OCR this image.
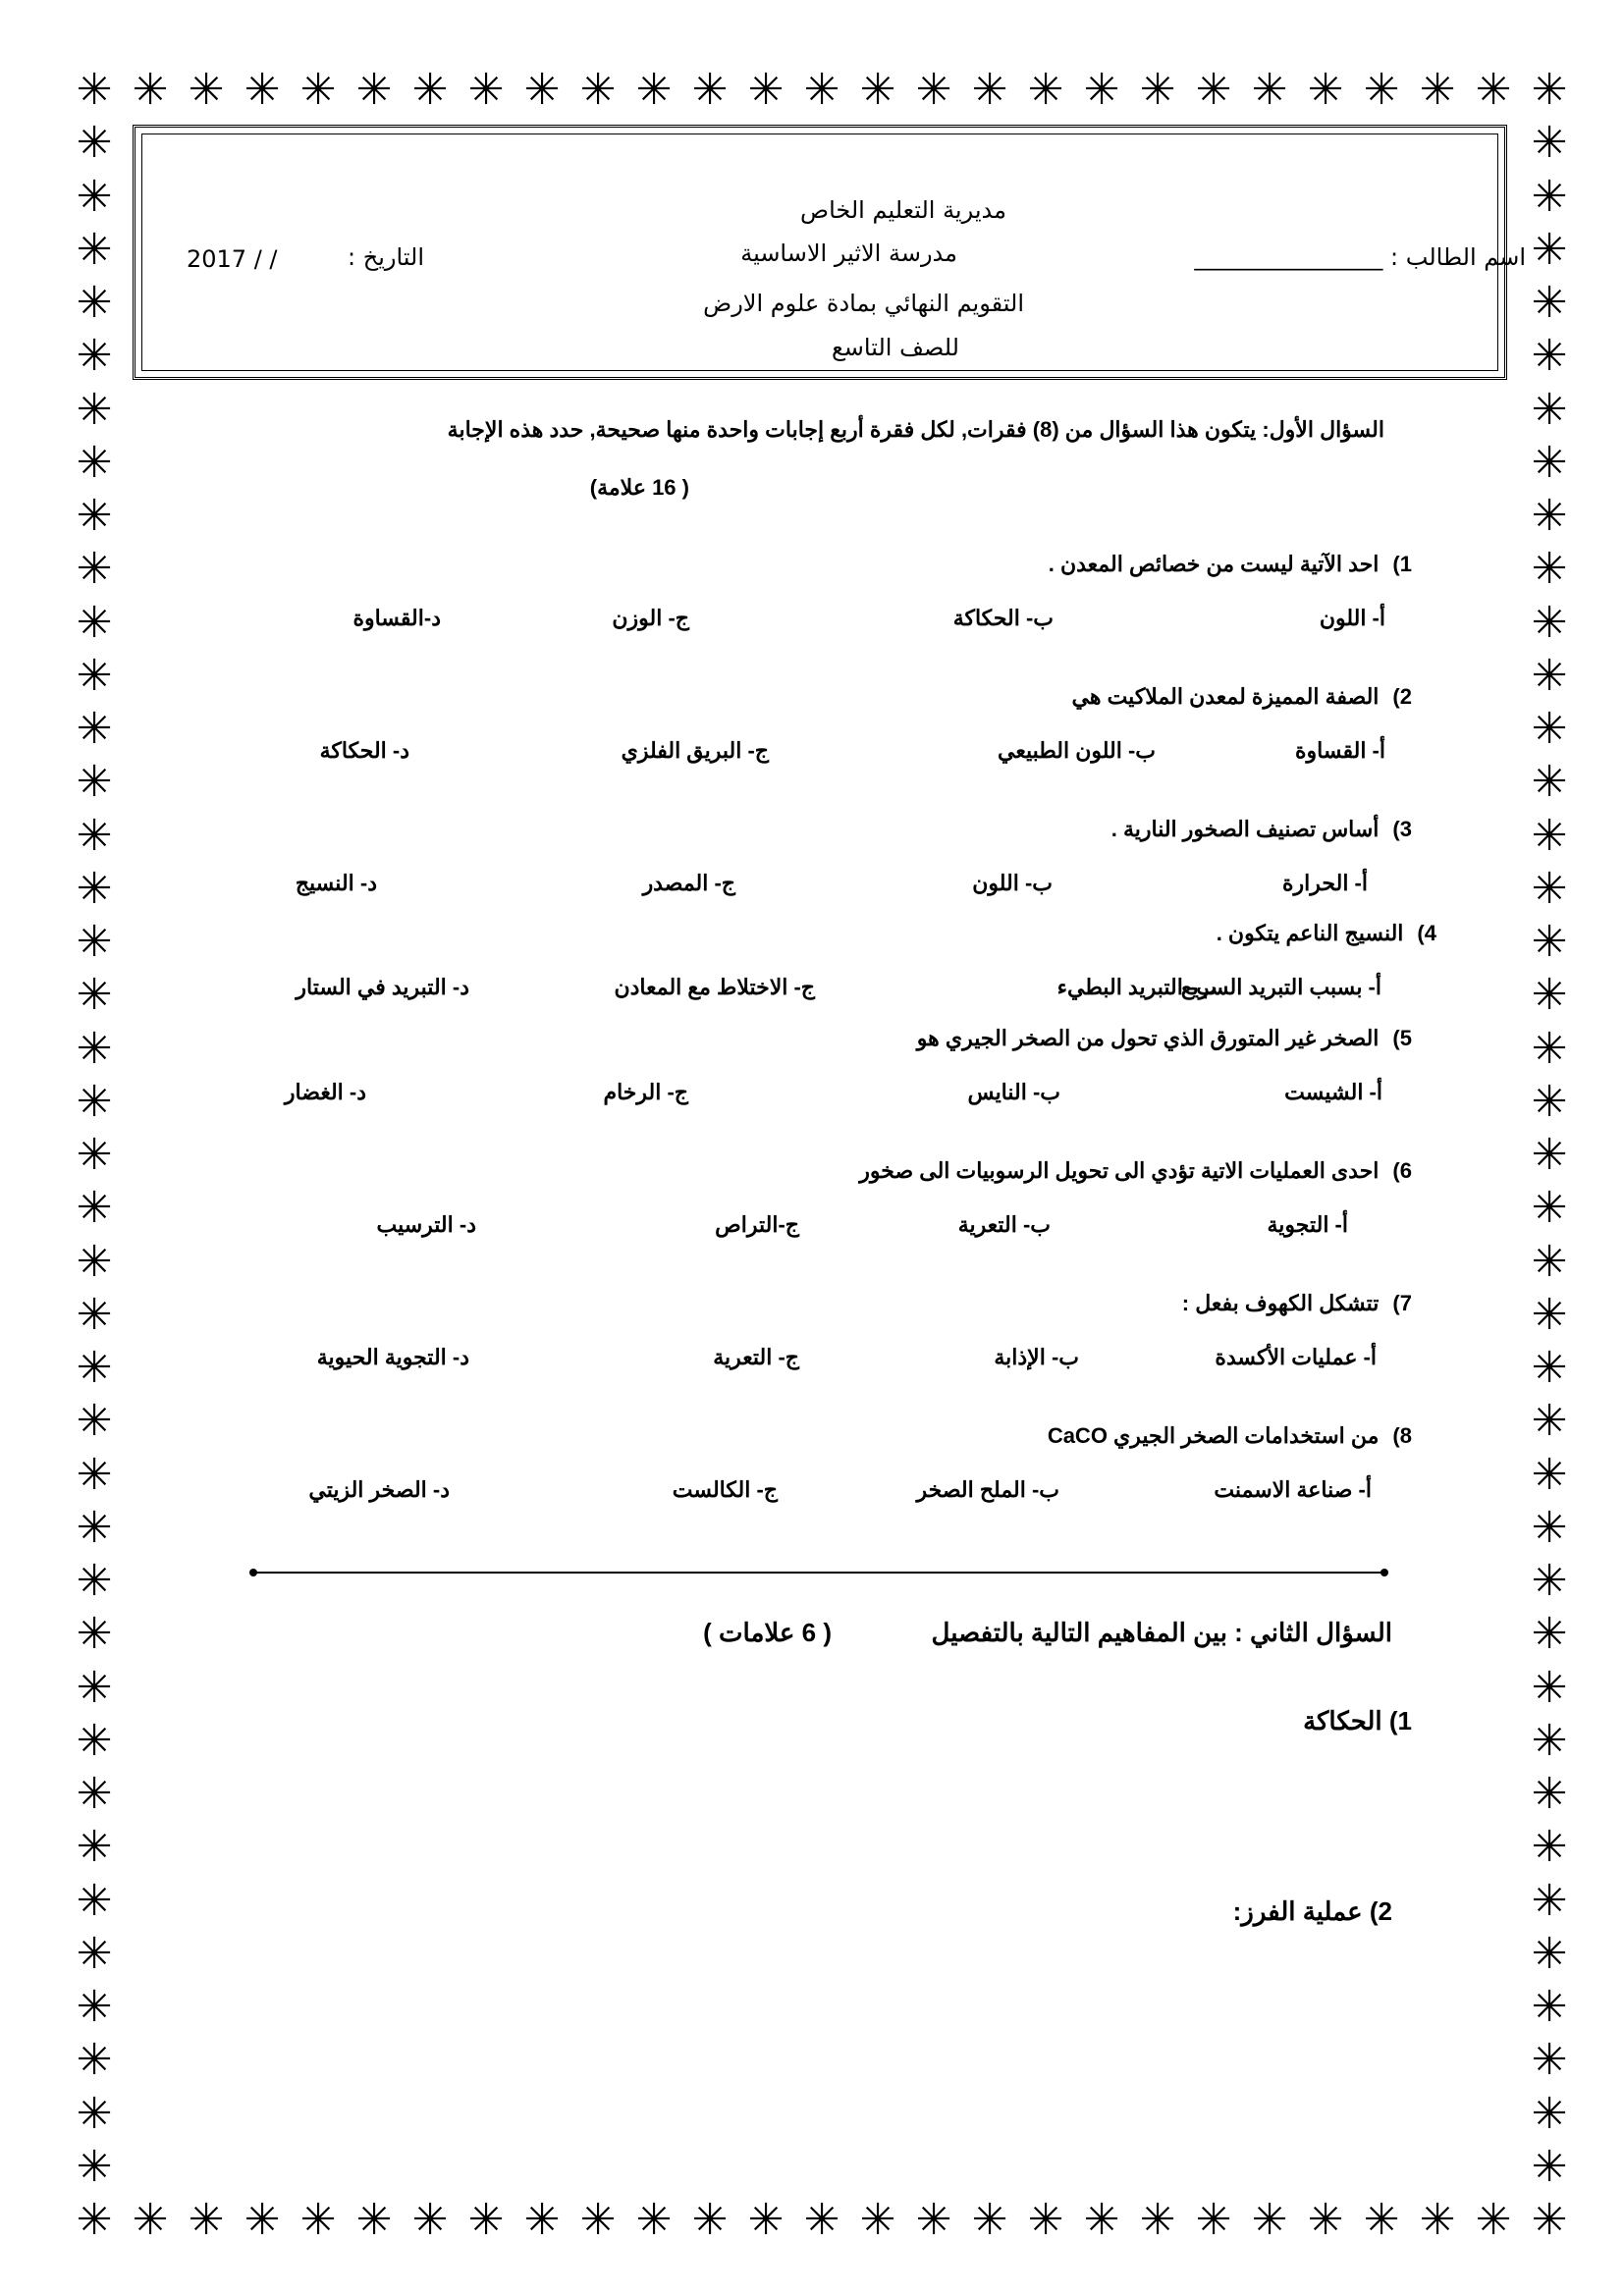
✳
✳
✳
✳
✳
✳
✳
✳
✳
✳
✳
✳
✳
✳
✳
✳
✳
✳
✳
✳
✳
✳
✳
✳
✳
✳
✳
✳
✳
✳
✳
✳
✳
✳
✳
✳
✳
✳
✳
✳
✳
✳
✳
✳
✳
✳
✳
✳
✳
✳
✳
✳
✳
✳
✳	✳
✳	✳
✳	✳
✳	✳
✳	✳
✳	✳
✳	✳
✳	✳
✳	✳
✳	✳
✳	✳
✳	✳
✳	✳
✳	✳
✳	✳
✳	✳
✳	✳
✳	✳
✳	✳
✳	✳
✳	✳
✳	✳
✳	✳
✳	✳
✳	✳
✳	✳
✳	✳
✳	✳
✳	✳
✳	✳
✳	✳
✳	✳
✳	✳
✳	✳
✳	✳
✳	✳
✳	✳
✳	✳
✳	✳
مديرية التعليم الخاص
مدرسة الاثير الاساسية
التقويم النهائي بمادة علوم الارض
للصف التاسع
اسم الطالب : ________________
التاريخ :
2017 / /
السؤال الأول: يتكون هذا السؤال من (8) فقرات, لكل فقرة أربع إجابات واحدة منها صحيحة, حدد هذه الإجابة
( 16 علامة)
1)احد الآتية ليست من خصائص المعدن .
أ- اللون
ب- الحكاكة
ج- الوزن
د-القساوة
2)الصفة المميزة لمعدن الملاكيت هي
أ- القساوة
ب- اللون الطبيعي
ج- البريق الفلزي
د- الحكاكة
3)أساس تصنيف الصخور النارية .
أ- الحرارة
ب- اللون
ج- المصدر
د- النسيج
4)النسيج الناعم يتكون .
أ- بسبب التبريد السريع
ب- التبريد البطيء
ج- الاختلاط مع المعادن
د- التبريد في الستار
5)الصخر غير المتورق الذي تحول من الصخر الجيري هو
أ- الشيست
ب- النايس
ج- الرخام
د- الغضار
6)احدى العمليات الاتية تؤدي الى تحويل الرسوبيات الى صخور
أ- التجوية
ب- التعرية
ج-التراص
د- الترسيب
7)تتشكل الكهوف بفعل :
أ- عمليات الأكسدة
ب- الإذابة
ج- التعرية
د- التجوية الحيوية
8)من استخدامات الصخر الجيري CaCO
أ- صناعة الاسمنت
ب- الملح الصخر
ج- الكالست
د- الصخر الزيتي
السؤال الثاني : بين المفاهيم التالية بالتفصيل
( 6 علامات )
1) الحكاكة
2) عملية الفرز:
